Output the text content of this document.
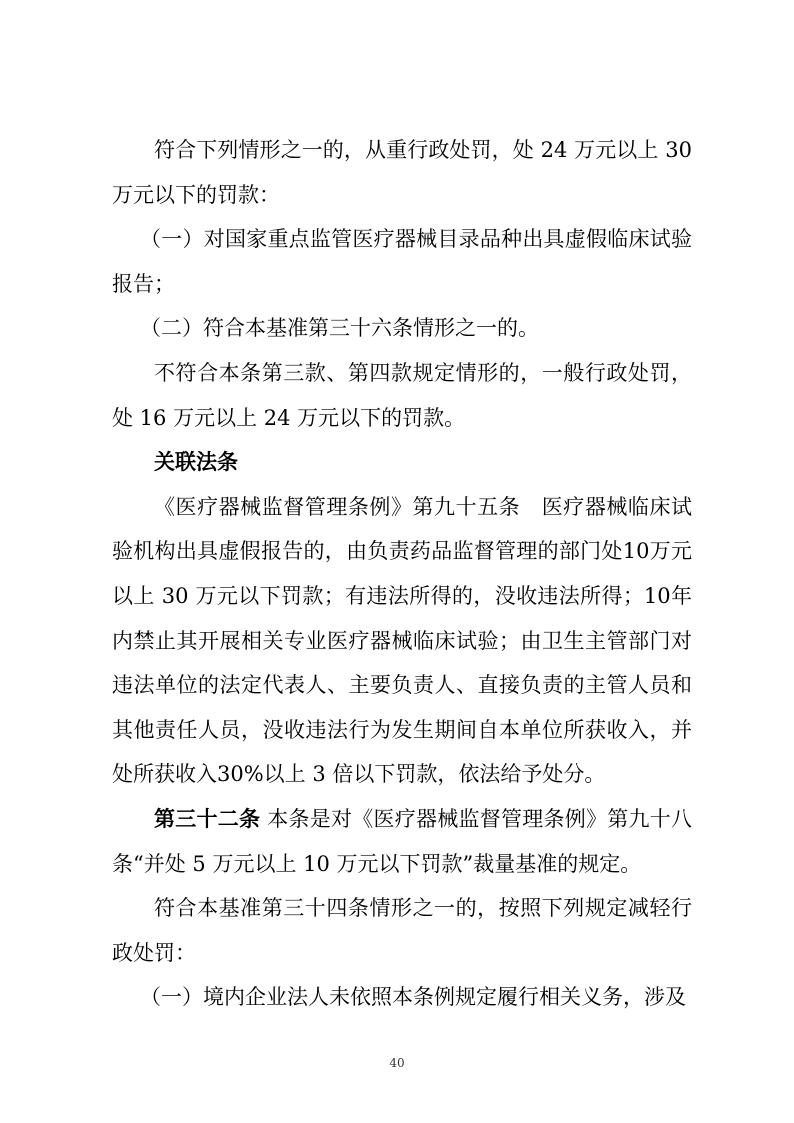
符合下列情形之一的，从重行政处罚，处 24 万元以上 30 万元以下的罚款：

（一）对国家重点监管医疗器械目录品种出具虚假临床试验报告；

（二）符合本基准第三十六条情形之一的。

不符合本条第三款、第四款规定情形的，一般行政处罚，处 16 万元以上 24 万元以下的罚款。

关联法条

《医疗器械监督管理条例》第九十五条　医疗器械临床试验机构出具虚假报告的，由负责药品监督管理的部门处10万元以上 30 万元以下罚款；有违法所得的，没收违法所得；10年内禁止其开展相关专业医疗器械临床试验；由卫生主管部门对违法单位的法定代表人、主要负责人、直接负责的主管人员和其他责任人员，没收违法行为发生期间自本单位所获收入，并处所获收入30%以上 3 倍以下罚款，依法给予处分。

第三十二条 本条是对《医疗器械监督管理条例》第九十八条“并处 5 万元以上 10 万元以下罚款”裁量基准的规定。

符合本基准第三十四条情形之一的，按照下列规定减轻行政处罚：

（一）境内企业法人未依照本条例规定履行相关义务，涉及

40
